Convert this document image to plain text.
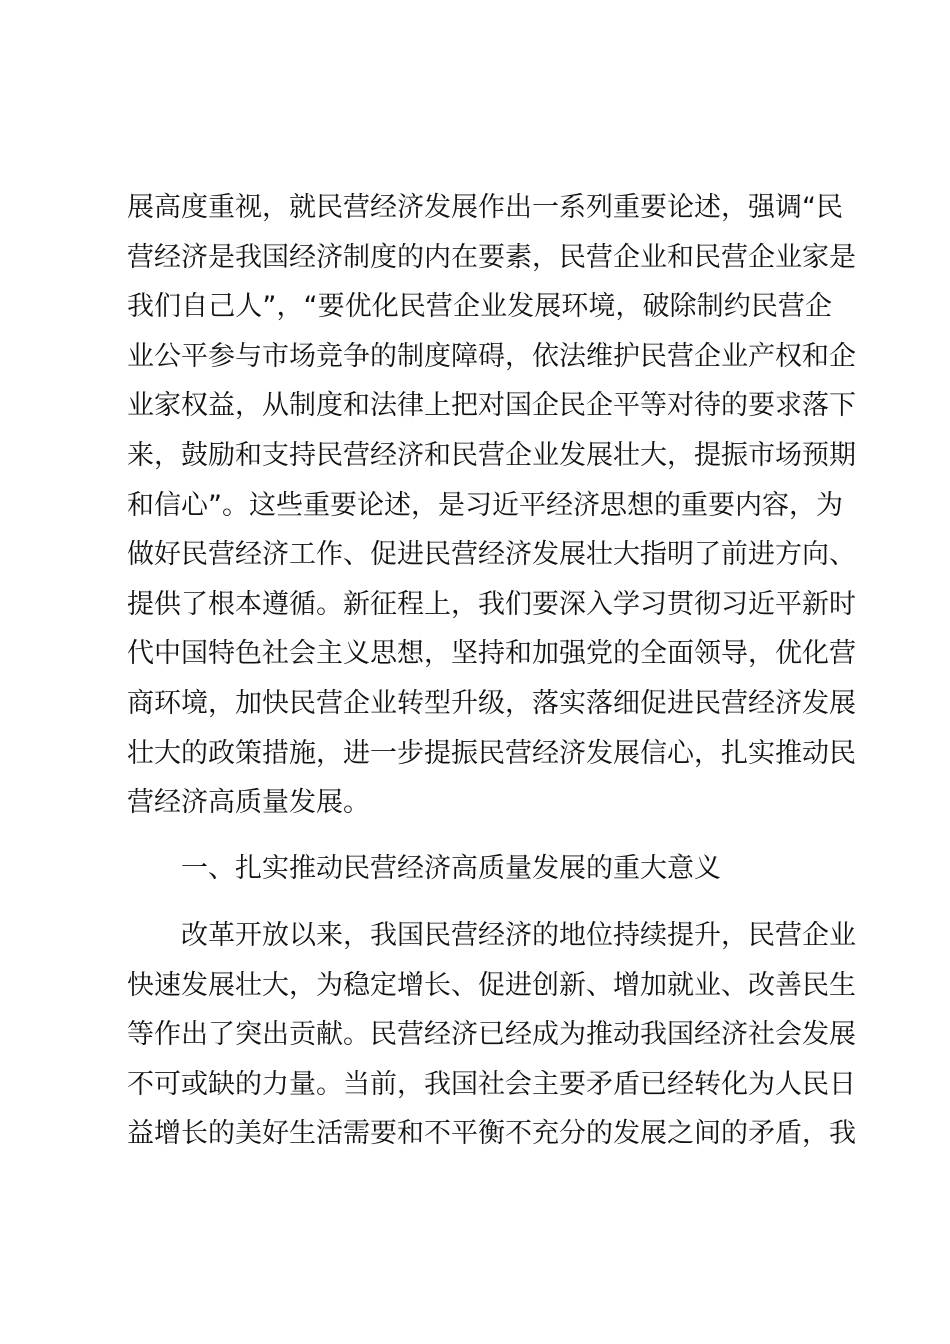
展高度重视，就民营经济发展作出一系列重要论述，强调“民
营经济是我国经济制度的内在要素，民营企业和民营企业家是
我们自己人”，“要优化民营企业发展环境，破除制约民营企
业公平参与市场竞争的制度障碍，依法维护民营企业产权和企
业家权益，从制度和法律上把对国企民企平等对待的要求落下
来，鼓励和支持民营经济和民营企业发展壮大，提振市场预期
和信心”。这些重要论述，是习近平经济思想的重要内容，为
做好民营经济工作、促进民营经济发展壮大指明了前进方向、
提供了根本遵循。新征程上，我们要深入学习贯彻习近平新时
代中国特色社会主义思想，坚持和加强党的全面领导，优化营
商环境，加快民营企业转型升级，落实落细促进民营经济发展
壮大的政策措施，进一步提振民营经济发展信心，扎实推动民
营经济高质量发展。
一、扎实推动民营经济高质量发展的重大意义
改革开放以来，我国民营经济的地位持续提升，民营企业
快速发展壮大，为稳定增长、促进创新、增加就业、改善民生
等作出了突出贡献。民营经济已经成为推动我国经济社会发展
不可或缺的力量。当前，我国社会主要矛盾已经转化为人民日
益增长的美好生活需要和不平衡不充分的发展之间的矛盾，我
